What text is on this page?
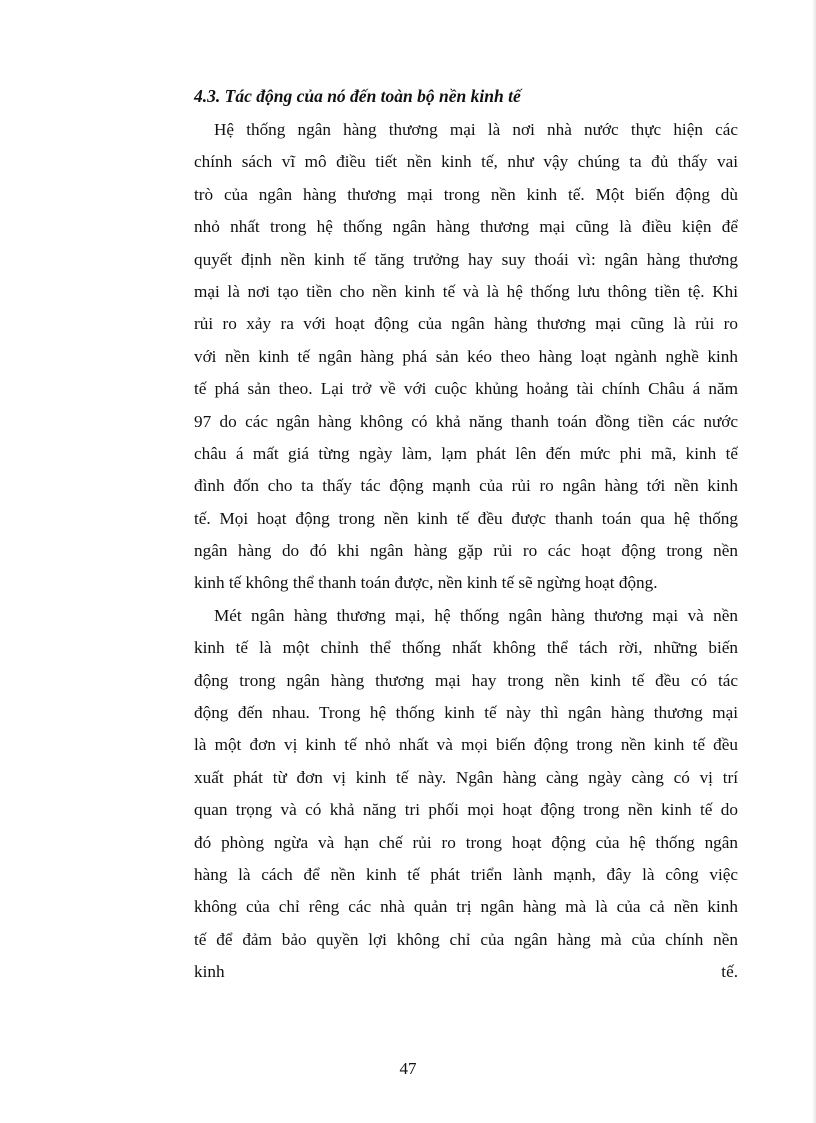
4.3. Tác động của nó đến toàn bộ nền kinh tế
Hệ thống ngân hàng thương mại là nơi nhà nước thực hiện các
chính sách vĩ mô điều tiết nền kinh tế, như vậy chúng ta đủ thấy vai
trò của ngân hàng thương mại trong nền kinh tế. Một biến động dù
nhỏ nhất trong hệ thống ngân hàng thương mại cũng là điều kiện để
quyết định nền kinh tế tăng trưởng hay suy thoái vì: ngân hàng thương
mại là nơi tạo tiền cho nền kinh tế và là hệ thống lưu thông tiền tệ. Khi
rủi ro xảy ra với hoạt động của ngân hàng thương mại cũng là rủi ro
với nền kinh tế ngân hàng phá sản kéo theo hàng loạt ngành nghề kinh
tế phá sản theo. Lại trở về với cuộc khủng hoảng tài chính Châu á năm
97 do các ngân hàng không có khả năng thanh toán đồng tiền các nước
châu á mất giá từng ngày làm, lạm phát lên đến mức phi mã, kinh tế
đình đốn cho ta thấy tác động mạnh của rủi ro ngân hàng tới nền kinh
tế. Mọi hoạt động trong nền kinh tế đều được thanh toán qua hệ thống
ngân hàng do đó khi ngân hàng gặp rủi ro các hoạt động trong nền
kinh tế không thể thanh toán được, nền kinh tế sẽ ngừng hoạt động.
Mét ngân hàng thương mại, hệ thống ngân hàng thương mại và nền
kinh tế là một chỉnh thể thống nhất không thể tách rời, những biến
động trong ngân hàng thương mại hay trong nền kinh tế đều có tác
động đến nhau. Trong hệ thống kinh tế này thì ngân hàng thương mại
là một đơn vị kinh tế nhỏ nhất và mọi biến động trong nền kinh tế đều
xuất phát từ đơn vị kinh tế này. Ngân hàng càng ngày càng có vị trí
quan trọng và có khả năng tri phối mọi hoạt động trong nền kinh tế do
đó phòng ngừa và hạn chế rủi ro trong hoạt động của hệ thống ngân
hàng là cách để nền kinh tế phát triển lành mạnh, đây là công việc
không của chỉ rêng các nhà quản trị ngân hàng mà là của cả nền kinh
tế để đảm bảo quyền lợi không chỉ của ngân hàng mà của chính nền
kinh tế.
47
